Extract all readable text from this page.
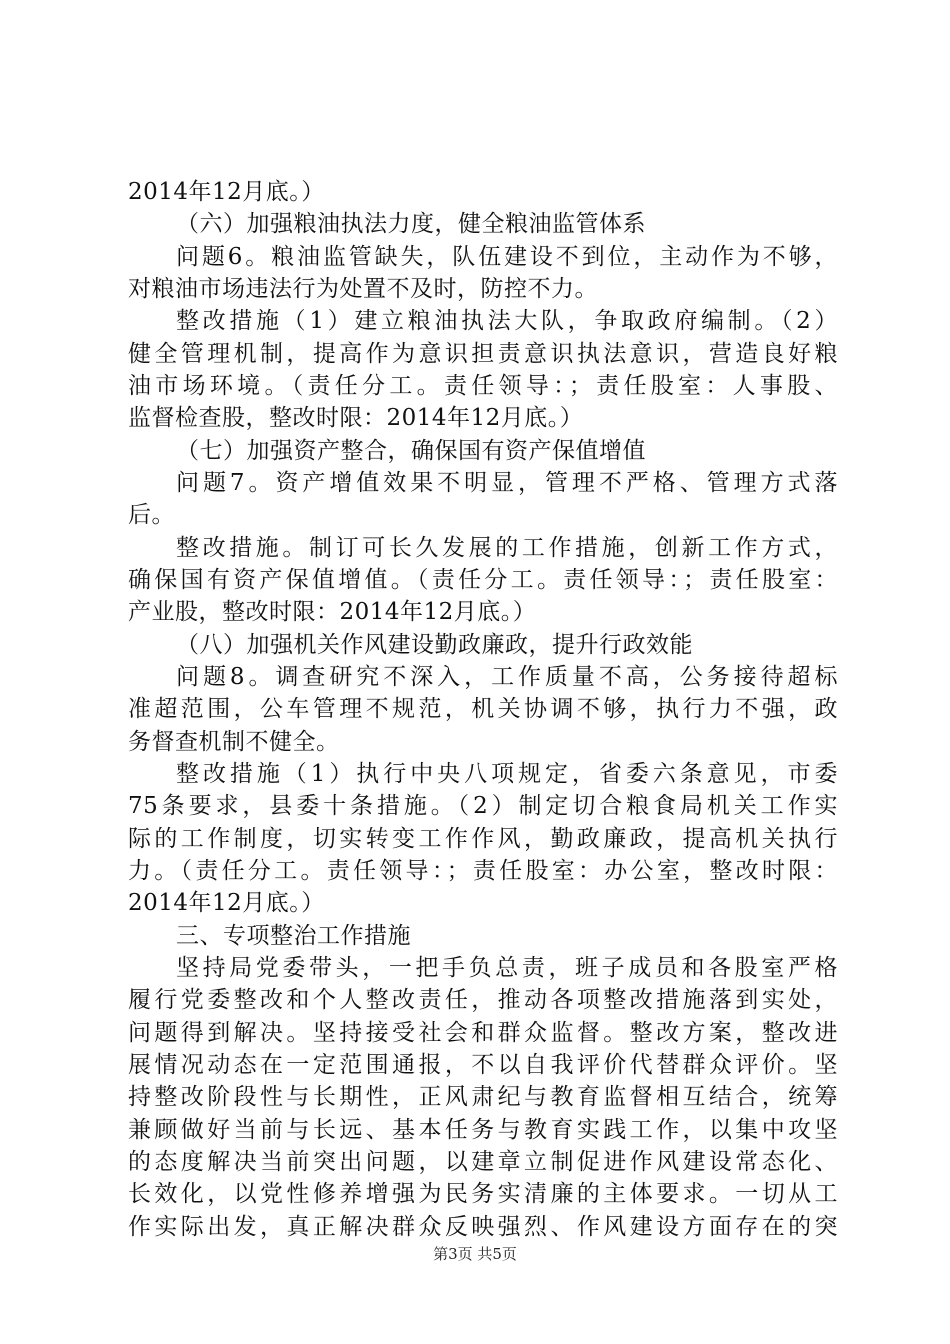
2014年12月底。）
（六）加强粮油执法力度，健全粮油监管体系
问题6。粮油监管缺失，队伍建设不到位，主动作为不够，
对粮油市场违法行为处置不及时，防控不力。
整改措施（1）建立粮油执法大队，争取政府编制。（2）
健全管理机制，提高作为意识担责意识执法意识，营造良好粮
油市场环境。（责任分工。责任领导：；责任股室：人事股、
监督检查股，整改时限：2014年12月底。）
（七）加强资产整合，确保国有资产保值增值
问题7。资产增值效果不明显，管理不严格、管理方式落
后。
整改措施。制订可长久发展的工作措施，创新工作方式，
确保国有资产保值增值。（责任分工。责任领导：；责任股室：
产业股，整改时限：2014年12月底。）
（八）加强机关作风建设勤政廉政，提升行政效能
问题8。调查研究不深入，工作质量不高，公务接待超标
准超范围，公车管理不规范，机关协调不够，执行力不强，政
务督查机制不健全。
整改措施（1）执行中央八项规定，省委六条意见，市委
75条要求，县委十条措施。（2）制定切合粮食局机关工作实
际的工作制度，切实转变工作作风，勤政廉政，提高机关执行
力。（责任分工。责任领导：；责任股室：办公室，整改时限：
2014年12月底。）
三、专项整治工作措施
坚持局党委带头，一把手负总责，班子成员和各股室严格
履行党委整改和个人整改责任，推动各项整改措施落到实处，
问题得到解决。坚持接受社会和群众监督。整改方案，整改进
展情况动态在一定范围通报，不以自我评价代替群众评价。坚
持整改阶段性与长期性，正风肃纪与教育监督相互结合，统筹
兼顾做好当前与长远、基本任务与教育实践工作，以集中攻坚
的态度解决当前突出问题，以建章立制促进作风建设常态化、
长效化，以党性修养增强为民务实清廉的主体要求。一切从工
作实际出发，真正解决群众反映强烈、作风建设方面存在的突
第3页 共5页
